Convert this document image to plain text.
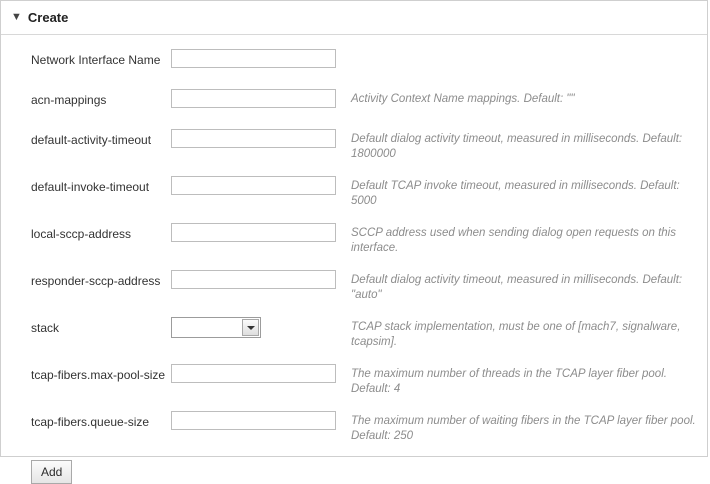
▼ Create
Network Interface Name
acn-mappings	Activity Context Name mappings. Default: ""
default-activity-timeout	Default dialog activity timeout, measured in milliseconds. Default: 1800000
default-invoke-timeout	Default TCAP invoke timeout, measured in milliseconds. Default: 5000
local-sccp-address	SCCP address used when sending dialog open requests on this interface.
responder-sccp-address	Default dialog activity timeout, measured in milliseconds. Default: "auto"
stack	TCAP stack implementation, must be one of [mach7, signalware, tcapsim].
tcap-fibers.max-pool-size	The maximum number of threads in the TCAP layer fiber pool. Default: 4
tcap-fibers.queue-size	The maximum number of waiting fibers in the TCAP layer fiber pool. Default: 250
Add
